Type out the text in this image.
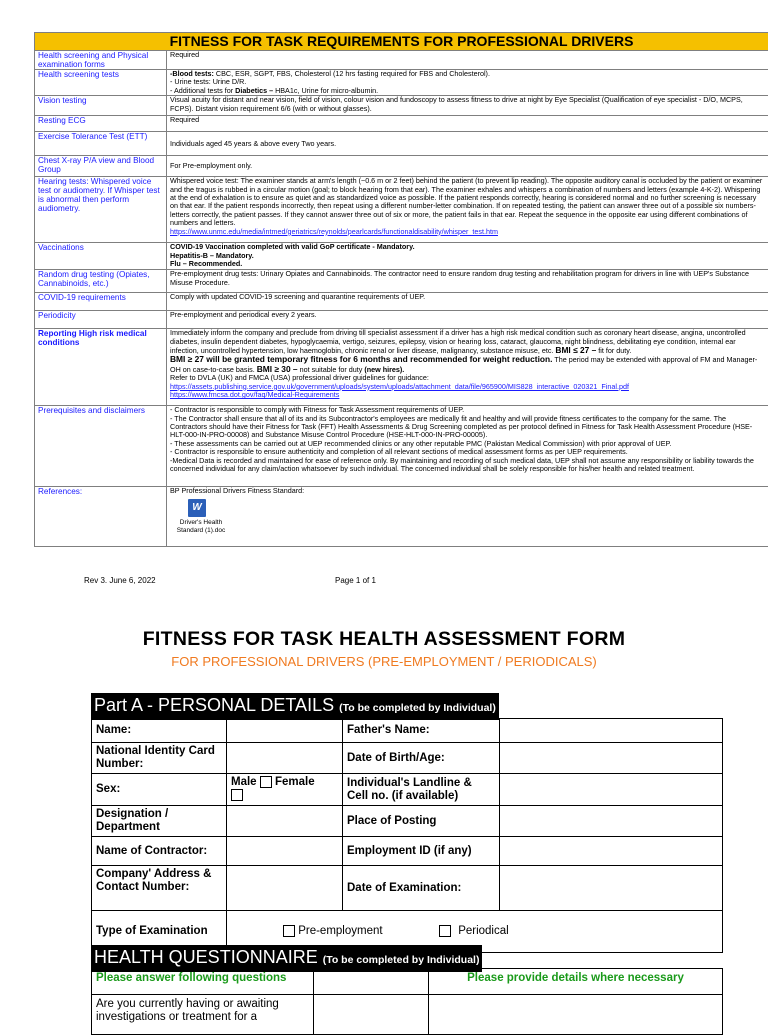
FITNESS FOR TASK REQUIREMENTS FOR PROFESSIONAL DRIVERS	
Health screening and Physical examination forms	Required
Health screening tests	-Blood tests: CBC, ESR, SGPT, FBS, Cholesterol (12 hrs fasting required for FBS and Cholesterol).
- Urine tests: Urine D/R.
- Additional tests for Diabetics – HBA1c, Urine for micro-albumin.
Vision testing	Visual acuity for distant and near vision, field of vision, colour vision and fundoscopy to assess fitness to drive at night by Eye Specialist (Qualification of eye specialist - D/O, MCPS, FCPS). Distant vision requirement 6/6 (with or without glasses).
Resting ECG	Required
Exercise Tolerance Test (ETT)	Individuals aged 45 years & above every Two years.
Chest X-ray P/A view and Blood Group	For Pre-employment only.
Hearing tests: Whispered voice test or audiometry. If Whisper test is abnormal then perform audiometry.	Whispered voice test: The examiner stands at arm's length (~0.6 m or 2 feet) behind the patient (to prevent lip reading). The opposite auditory canal is occluded by the patient or examiner and the tragus is rubbed in a circular motion (goal; to block hearing from that ear). The examiner exhales and whispers a combination of numbers and letters (example 4-K-2). Whispering at the end of exhalation is to ensure as quiet and as standardized voice as possible. If the patient responds correctly, hearing is considered normal and no further screening is necessary on that ear. If the patient responds incorrectly, then repeat using a different number-letter combination. If on repeated testing, the patient can answer three out of a possible six numbers-letters correctly, the patient passes. If they cannot answer three out of six or more, the patient fails in that ear. Repeat the sequence in the opposite ear using different combinations of numbers and letters.
https://www.unmc.edu/media/intmed/geriatrics/reynolds/pearlcards/functionaldisability/whisper_test.htm
Vaccinations	COVID-19 Vaccination completed with valid GoP certificate - Mandatory.
Hepatitis-B – Mandatory.
Flu – Recommended.
Random drug testing (Opiates, Cannabinoids, etc.)	Pre-employment drug tests: Urinary Opiates and Cannabinoids. The contractor need to ensure random drug testing and rehabilitation program for drivers in line with UEP's Substance Misuse Procedure.
COVID-19 requirements	Comply with updated COVID-19 screening and quarantine requirements of UEP.
Periodicity	Pre-employment and periodical every 2 years.
Reporting High risk medical conditions	Immediately inform the company and preclude from driving till specialist assessment if a driver has a high risk medical condition such as coronary heart disease, angina, uncontrolled diabetes, insulin dependent diabetes, hypoglycaemia, vertigo, seizures, epilepsy, vision or hearing loss, cataract, glaucoma, night blindness, debilitating eye condition, internal ear infection, uncontrolled hypertension, low haemoglobin, chronic renal or liver disease, malignancy, substance misuse, etc. BMI ≤ 27 – fit for duty.
BMI ≥ 27 will be granted temporary fitness for 6 months and recommended for weight reduction. The period may be extended with approval of FM and Manager-OH on case-to-case basis. BMI ≥ 30 – not suitable for duty (new hires).
Refer to DVLA (UK) and FMCA (USA) professional driver guidelines for guidance:
https://assets.publishing.service.gov.uk/government/uploads/system/uploads/attachment_data/file/965900/MIS828_interactive_020321_Final.pdf
https://www.fmcsa.dot.gov/faq/Medical-Requirements
Prerequisites and disclaimers	- Contractor is responsible to comply with Fitness for Task Assessment requirements of UEP.
- The Contractor shall ensure that all of its and its Subcontractor's employees are medically fit and healthy and will provide fitness certificates to the company for the same. The Contractors should have their Fitness for Task (FFT) Health Assessments & Drug Screening completed as per protocol defined in Fitness for Task Health Assessment Procedure (HSE-HLT-000-IN-PRO-00008) and Substance Misuse Control Procedure (HSE-HLT-000-IN-PRO-00005).
- These assessments can be carried out at UEP recommended clinics or any other reputable PMC (Pakistan Medical Commission) with prior approval of UEP.
- Contractor is responsible to ensure authenticity and completion of all relevant sections of medical assessment forms as per UEP requirements.
-Medical Data is recorded and maintained for ease of reference only. By maintaining and recording of such medical data, UEP shall not assume any responsibility or liability towards the concerned individual for any claim/action whatsoever by such individual. The concerned individual shall be solely responsible for his/her health and related treatment.
References:	BP Professional Drivers Fitness Standard:
W
Driver's Health Standard (1).doc
Rev 3. June 6, 2022	Page 1 of 1
FITNESS FOR TASK HEALTH ASSESSMENT FORM
FOR PROFESSIONAL DRIVERS (PRE-EMPLOYMENT / PERIODICALS)
Part A - PERSONAL DETAILS (To be completed by Individual)
Name:		Father's Name:	
National Identity Card Number:		Date of Birth/Age:	
Sex:	Male Female	Individual's Landline & Cell no. (if available)	
Designation / Department		Place of Posting	
Name of Contractor:		Employment ID (if any)	
Company' Address & Contact Number:		Date of Examination:	
Type of Examination	Pre-employment Periodical		
HEALTH QUESTIONNAIRE (To be completed by Individual)
Please answer following questions		Please provide details where necessary
Are you currently having or awaiting investigations or treatment for a		
